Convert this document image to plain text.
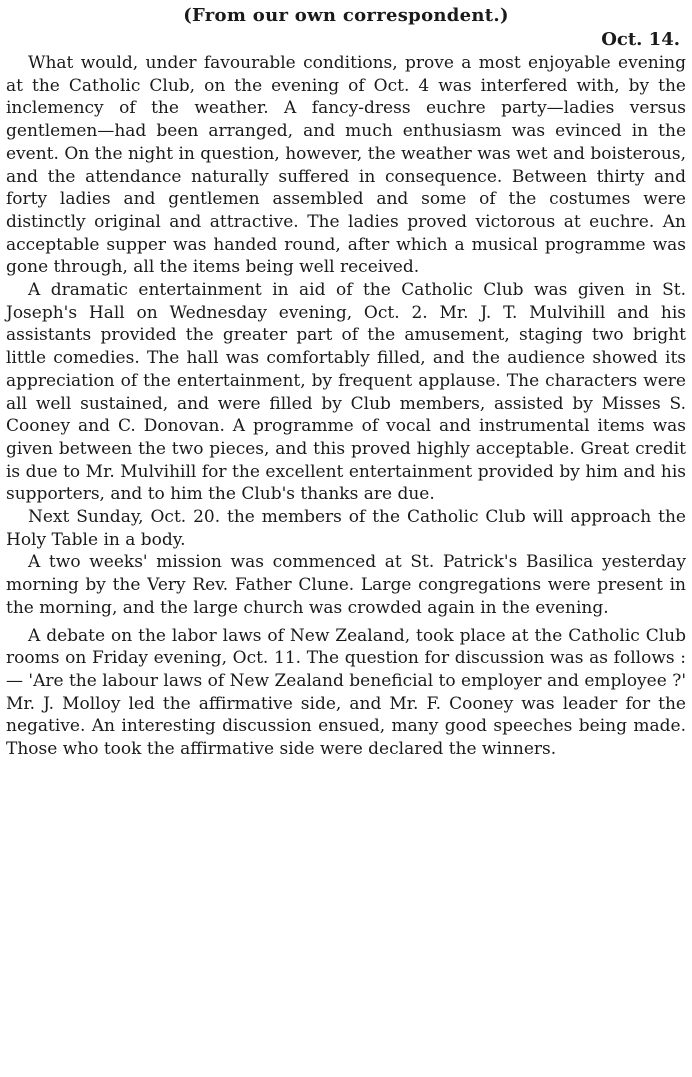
(From our own correspondent.)

Oct. 14.

What would, under favourable conditions, prove a most enjoyable evening at the Catholic Club, on the evening of Oct. 4 was interfered with, by the inclemency of the weather. A fancy-dress euchre party—ladies versus gentlemen—had been arranged, and much enthusiasm was evinced in the event. On the night in question, however, the weather was wet and boisterous, and the attendance naturally suffered in consequence. Between thirty and forty ladies and gentlemen assembled and some of the costumes were distinctly original and attractive. The ladies proved victorous at euchre. An acceptable supper was handed round, after which a musical programme was gone through, all the items being well received.

A dramatic entertainment in aid of the Catholic Club was given in St. Joseph's Hall on Wednesday evening, Oct. 2. Mr. J. T. Mulvihill and his assistants provided the greater part of the amusement, staging two bright little comedies. The hall was comfortably filled, and the audience showed its appreciation of the entertainment, by frequent applause. The characters were all well sustained, and were filled by Club members, assisted by Misses S. Cooney and C. Donovan. A programme of vocal and instrumental items was given between the two pieces, and this proved highly acceptable. Great credit is due to Mr. Mulvihill for the excellent entertainment provided by him and his supporters, and to him the Club's thanks are due.

Next Sunday, Oct. 20. the members of the Catholic Club will approach the Holy Table in a body.

A two weeks' mission was commenced at St. Patrick's Basilica yesterday morning by the Very Rev. Father Clune. Large congregations were present in the morning, and the large church was crowded again in the evening.

A debate on the labor laws of New Zealand, took place at the Catholic Club rooms on Friday evening, Oct. 11. The question for discussion was as follows :— 'Are the labour laws of New Zealand beneficial to employer and employee ?' Mr. J. Molloy led the affirmative side, and Mr. F. Cooney was leader for the negative. An interesting discussion ensued, many good speeches being made. Those who took the affirmative side were declared the winners.
